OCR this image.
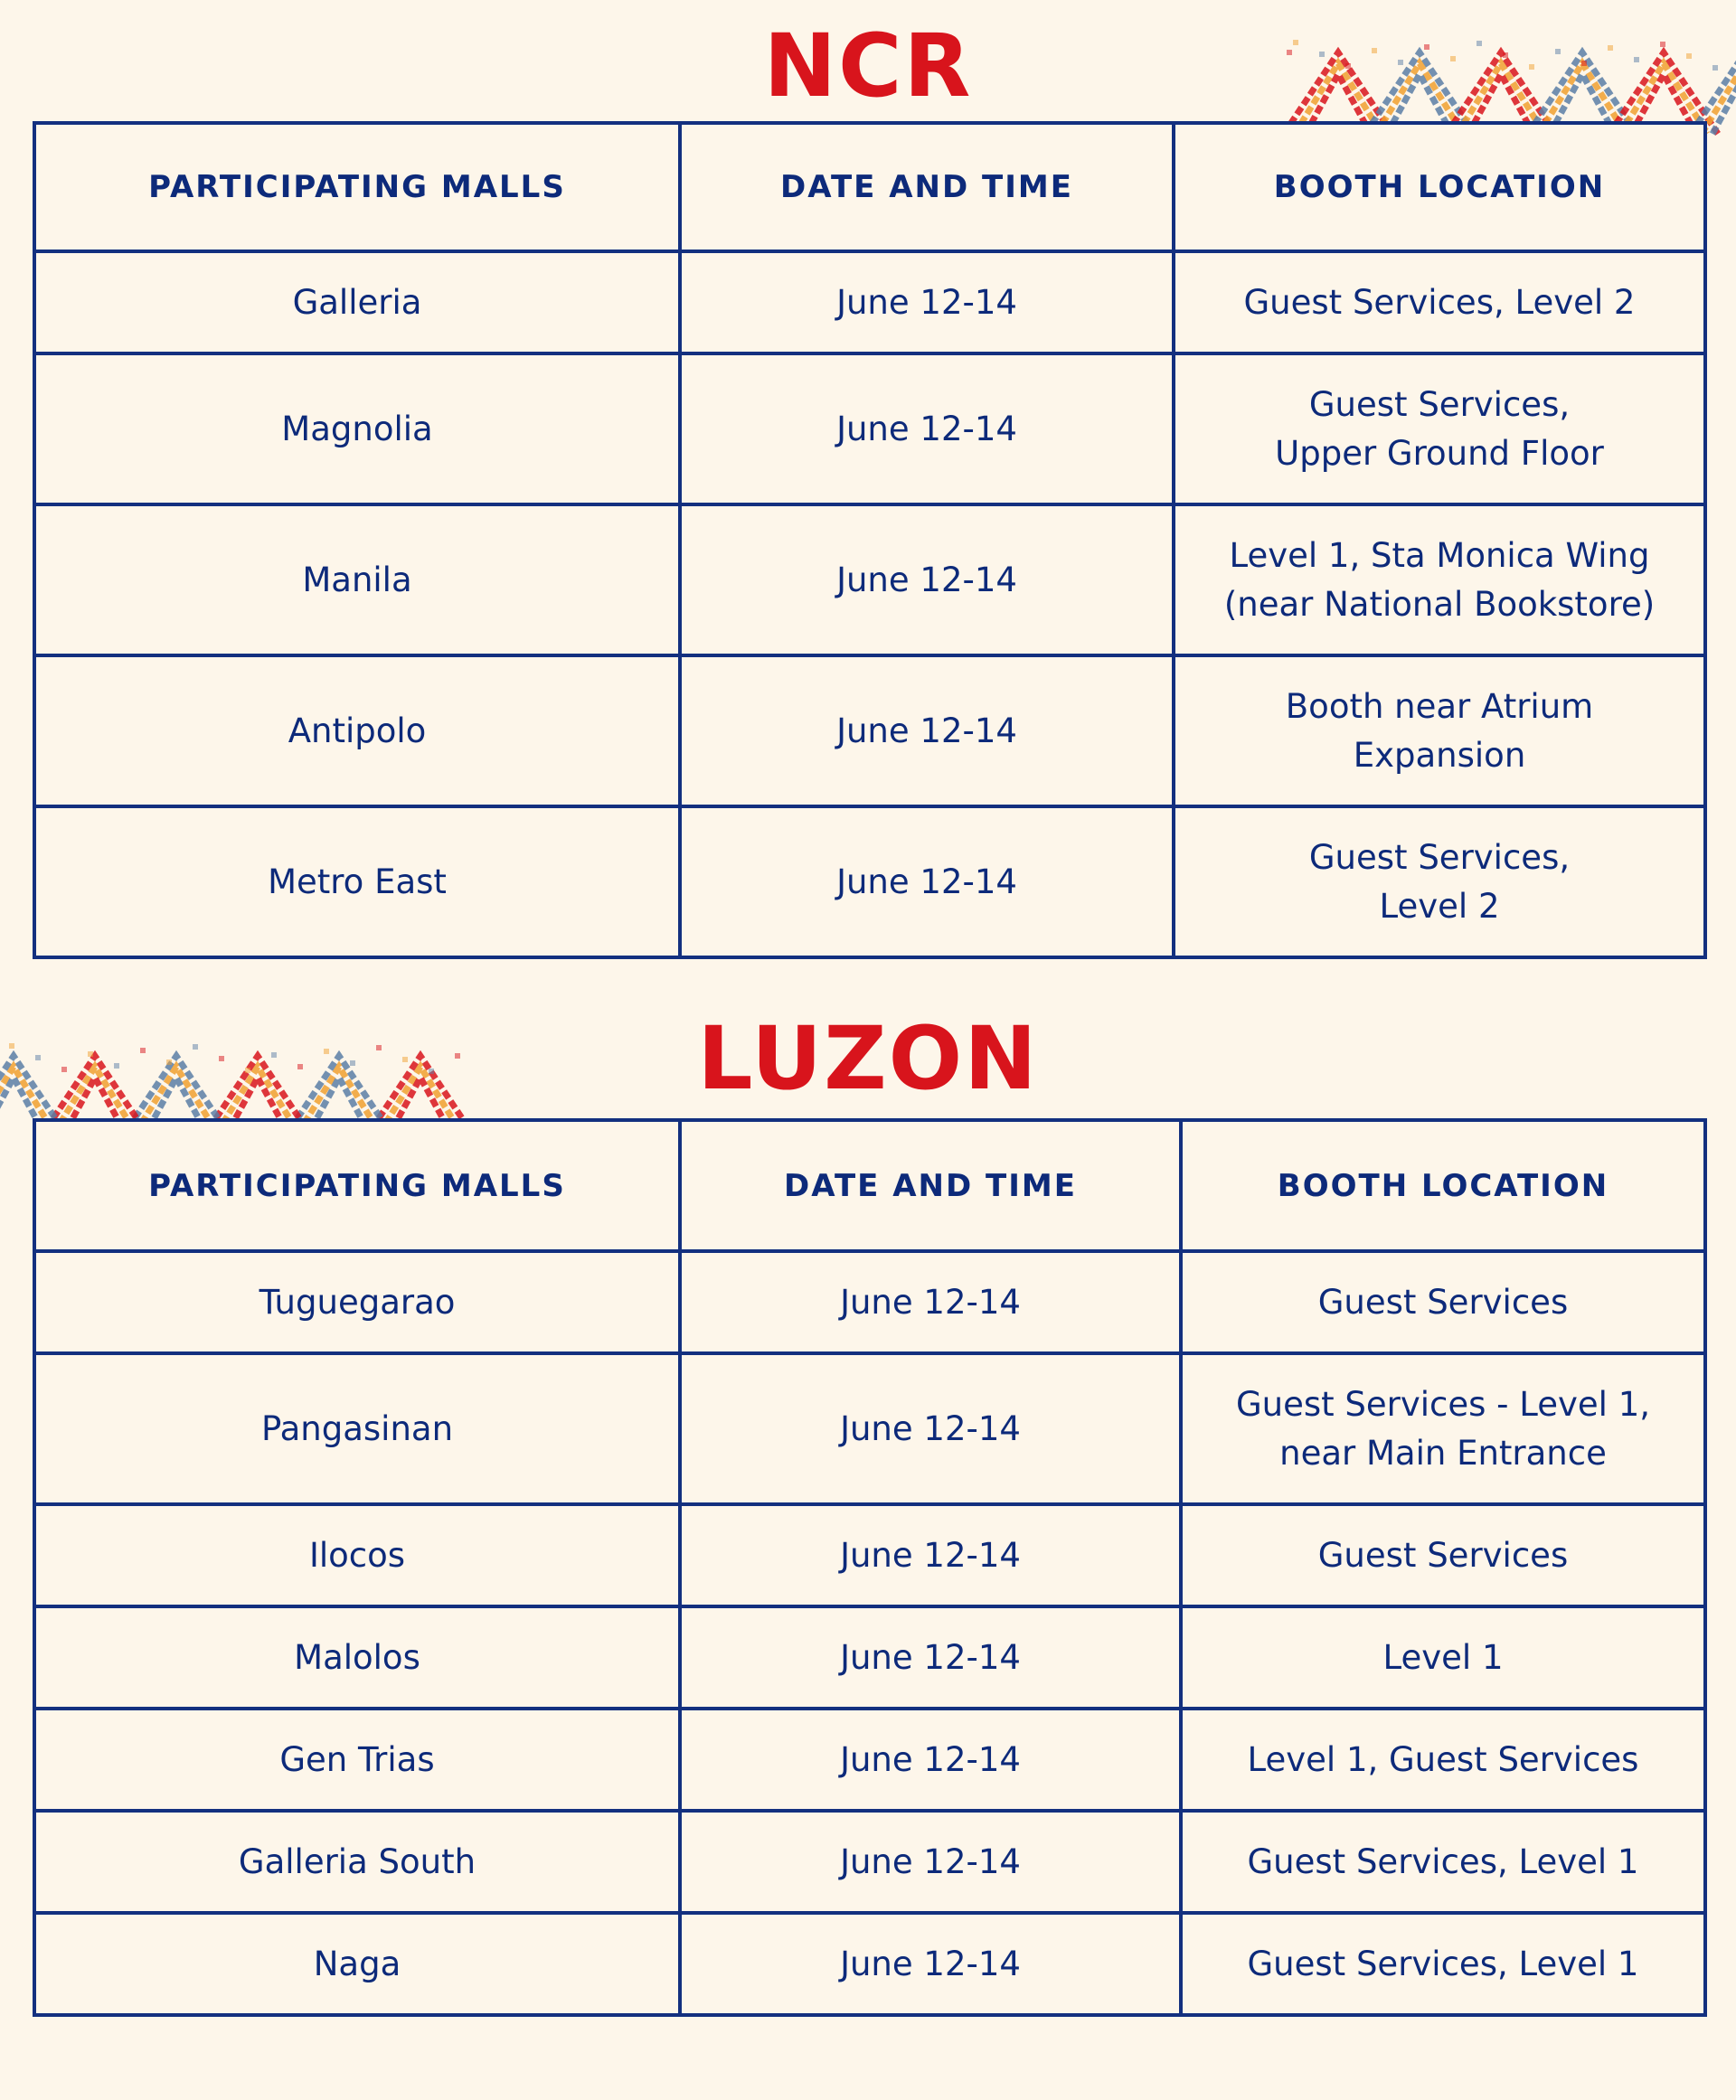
NCR
PARTICIPATING MALLS	DATE AND TIME	BOOTH LOCATION
Galleria	June 12-14	Guest Services, Level 2

Magnolia	June 12-14	Guest Services,
Upper Ground Floor

Manila	June 12-14	Level 1, Sta Monica Wing
(near National Bookstore)

Antipolo	June 12-14	Booth near Atrium
Expansion

Metro East	June 12-14	Guest Services,
Level 2
LUZON
PARTICIPATING MALLS	DATE AND TIME	BOOTH LOCATION
Tuguegarao	June 12-14	Guest Services

Pangasinan	June 12-14	Guest Services - Level 1,
near Main Entrance

Ilocos	June 12-14	Guest Services

Malolos	June 12-14	Level 1

Gen Trias	June 12-14	Level 1, Guest Services

Galleria South	June 12-14	Guest Services, Level 1

Naga	June 12-14	Guest Services, Level 1
